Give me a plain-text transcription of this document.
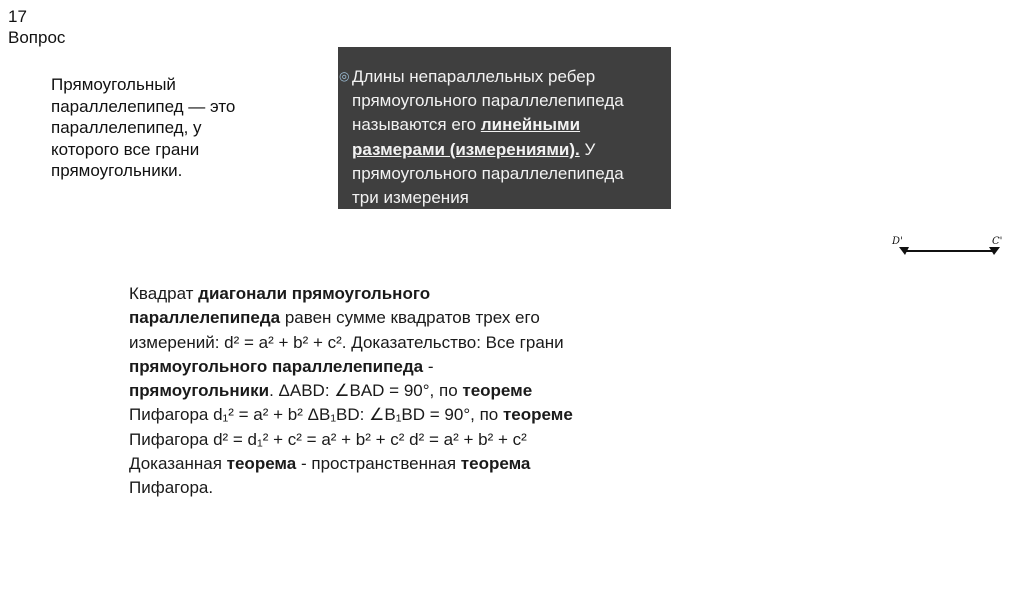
17
Вопрос
Прямоугольный
параллелепипед — это
параллелепипед, у
которого все грани
прямоугольники.
◎ Длины непараллельных ребер
прямоугольного параллелепипеда
называются его линейными
размерами (измерениями). У
прямоугольного параллелепипеда
три измерения
D'	C'
Квадрат диагонали прямоугольного
параллелепипеда равен сумме квадратов трех его
измерений: d² = a² + b² + c². Доказательство: Все грани
прямоугольного параллелепипеда -
прямоугольники. ΔABD: ∠BAD = 90°, по теореме
Пифагора d₁² = a² + b² ΔB₁BD: ∠B₁BD = 90°, по теореме
Пифагора d² = d₁² + c² = a² + b² + c² d² = a² + b² + c²
Доказанная теорема - пространственная теорема
Пифагора.
